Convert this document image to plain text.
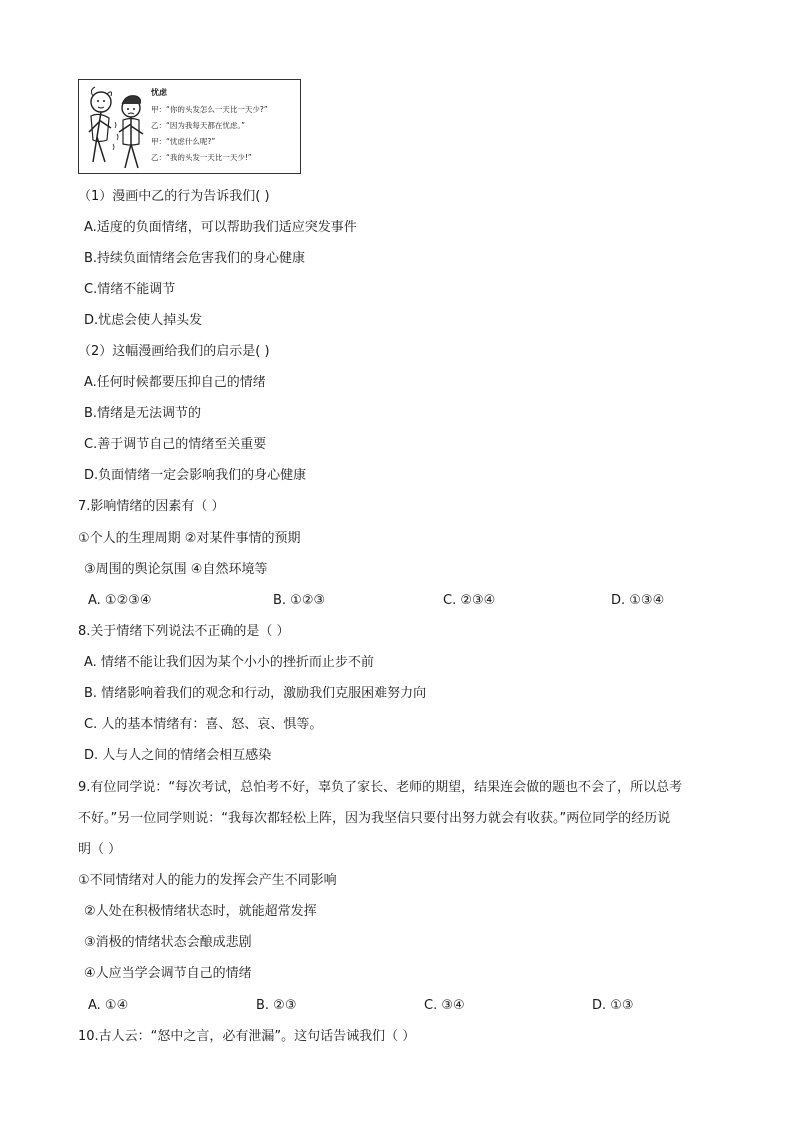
忧虑
甲：“你的头发怎么一天比一天少?”
乙：“因为我每天都在忧虑。”
甲：“忧虑什么呢?”
乙：“我的头发一天比一天少!”
（1）漫画中乙的行为告诉我们( )
A.适度的负面情绪，可以帮助我们适应突发事件
B.持续负面情绪会危害我们的身心健康
C.情绪不能调节
D.忧虑会使人掉头发
（2）这幅漫画给我们的启示是( )
A.任何时候都要压抑自己的情绪
B.情绪是无法调节的
C.善于调节自己的情绪至关重要
D.负面情绪一定会影响我们的身心健康
7.影响情绪的因素有（ ）
①个人的生理周期 ②对某件事情的预期
③周围的舆论氛围 ④自然环境等
A. ①②③④	B. ①②③	C. ②③④	D. ①③④
8.关于情绪下列说法不正确的是（ ）
A. 情绪不能让我们因为某个小小的挫折而止步不前
B. 情绪影响着我们的观念和行动，激励我们克服困难努力向
C. 人的基本情绪有：喜、怒、哀、惧等。
D. 人与人之间的情绪会相互感染
9.有位同学说：“每次考试，总怕考不好，辜负了家长、老师的期望，结果连会做的题也不会了，所以总考
不好。”另一位同学则说：“我每次都轻松上阵，因为我坚信只要付出努力就会有收获。”两位同学的经历说
明（ ）
①不同情绪对人的能力的发挥会产生不同影响
②人处在积极情绪状态时，就能超常发挥
③消极的情绪状态会酿成悲剧
④人应当学会调节自己的情绪
A. ①④	B. ②③	C. ③④	D. ①③
10.古人云：“怒中之言，必有泄漏”。这句话告诫我们（ ）
